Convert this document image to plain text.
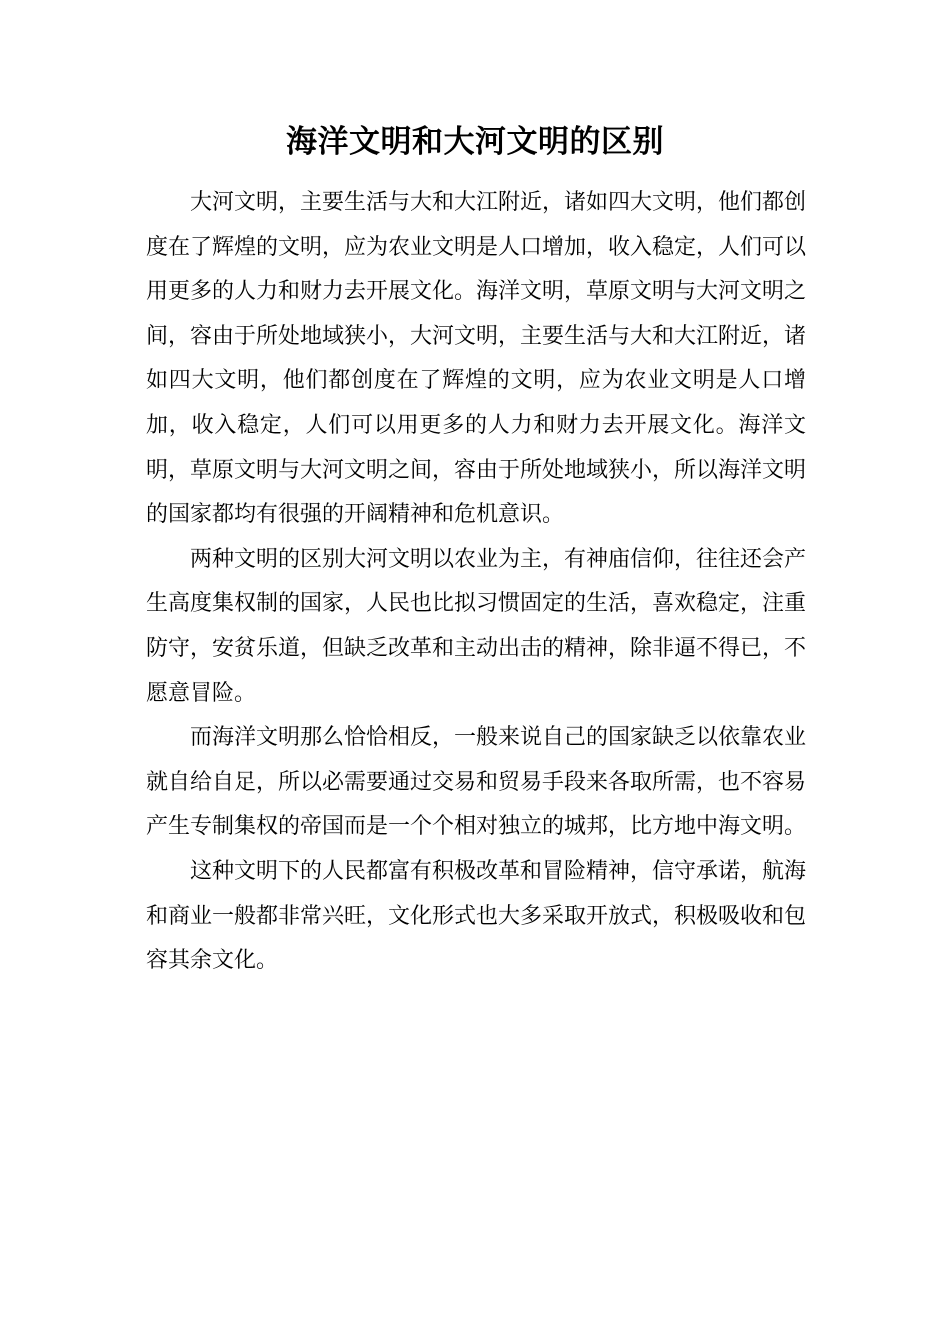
海洋文明和大河文明的区别

大河文明，主要生活与大和大江附近，诸如四大文明，他们都创度在了辉煌的文明，应为农业文明是人口增加，收入稳定，人们可以用更多的人力和财力去开展文化。海洋文明，草原文明与大河文明之间，容由于所处地域狭小，大河文明，主要生活与大和大江附近，诸如四大文明，他们都创度在了辉煌的文明，应为农业文明是人口增加，收入稳定，人们可以用更多的人力和财力去开展文化。海洋文明，草原文明与大河文明之间，容由于所处地域狭小，所以海洋文明的国家都均有很强的开阔精神和危机意识。

两种文明的区别大河文明以农业为主，有神庙信仰，往往还会产生高度集权制的国家，人民也比拟习惯固定的生活，喜欢稳定，注重防守，安贫乐道，但缺乏改革和主动出击的精神，除非逼不得已，不愿意冒险。

而海洋文明那么恰恰相反，一般来说自己的国家缺乏以依靠农业就自给自足，所以必需要通过交易和贸易手段来各取所需，也不容易产生专制集权的帝国而是一个个相对独立的城邦，比方地中海文明。

这种文明下的人民都富有积极改革和冒险精神，信守承诺，航海和商业一般都非常兴旺，文化形式也大多采取开放式，积极吸收和包容其余文化。
